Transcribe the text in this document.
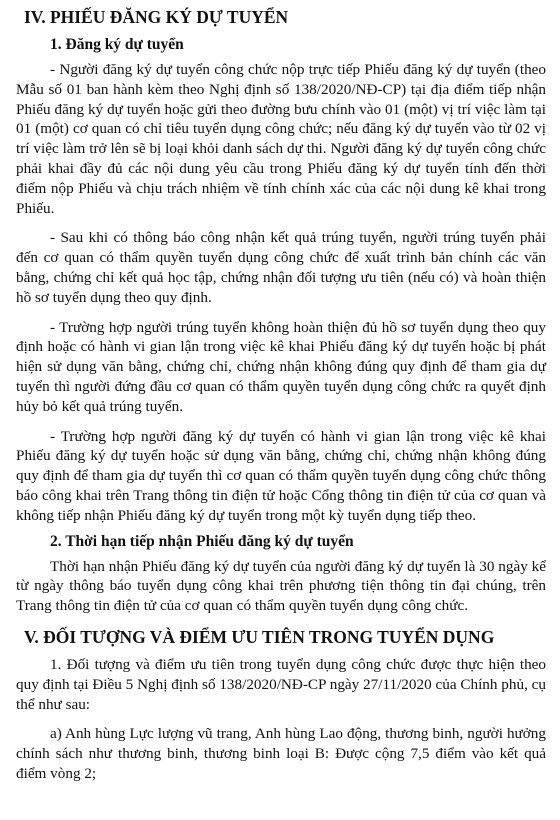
IV. PHIẾU ĐĂNG KÝ DỰ TUYỂN
1. Đăng ký dự tuyển

- Người đăng ký dự tuyển công chức nộp trực tiếp Phiếu đăng ký dự tuyển (theo Mẫu số 01 ban hành kèm theo Nghị định số 138/2020/NĐ-CP) tại địa điểm tiếp nhận Phiếu đăng ký dự tuyển hoặc gửi theo đường bưu chính vào 01 (một) vị trí việc làm tại 01 (một) cơ quan có chỉ tiêu tuyển dụng công chức; nếu đăng ký dự tuyển vào từ 02 vị trí việc làm trở lên sẽ bị loại khỏi danh sách dự thi. Người đăng ký dự tuyển công chức phải khai đầy đủ các nội dung yêu cầu trong Phiếu đăng ký dự tuyển tính đến thời điểm nộp Phiếu và chịu trách nhiệm về tính chính xác của các nội dung kê khai trong Phiếu.

- Sau khi có thông báo công nhận kết quả trúng tuyển, người trúng tuyển phải đến cơ quan có thẩm quyền tuyển dụng công chức để xuất trình bản chính các văn bằng, chứng chỉ kết quả học tập, chứng nhận đối tượng ưu tiên (nếu có) và hoàn thiện hồ sơ tuyển dụng theo quy định.

- Trường hợp người trúng tuyển không hoàn thiện đủ hồ sơ tuyển dụng theo quy định hoặc có hành vi gian lận trong việc kê khai Phiếu đăng ký dự tuyển hoặc bị phát hiện sử dụng văn bằng, chứng chỉ, chứng nhận không đúng quy định để tham gia dự tuyển thì người đứng đầu cơ quan có thẩm quyền tuyển dụng công chức ra quyết định hủy bỏ kết quả trúng tuyển.

- Trường hợp người đăng ký dự tuyển có hành vi gian lận trong việc kê khai Phiếu đăng ký dự tuyển hoặc sử dụng văn bằng, chứng chỉ, chứng nhận không đúng quy định để tham gia dự tuyển thì cơ quan có thẩm quyền tuyển dụng công chức thông báo công khai trên Trang thông tin điện tử hoặc Cổng thông tin điện tử của cơ quan và không tiếp nhận Phiếu đăng ký dự tuyển trong một kỳ tuyển dụng tiếp theo.

2. Thời hạn tiếp nhận Phiếu đăng ký dự tuyển

Thời hạn nhận Phiếu đăng ký dự tuyển của người đăng ký dự tuyển là 30 ngày kể từ ngày thông báo tuyển dụng công khai trên phương tiện thông tin đại chúng, trên Trang thông tin điện tử của cơ quan có thẩm quyền tuyển dụng công chức.

V. ĐỐI TƯỢNG VÀ ĐIỂM ƯU TIÊN TRONG TUYỂN DỤNG

1. Đối tượng và điểm ưu tiên trong tuyển dụng công chức được thực hiện theo quy định tại Điều 5 Nghị định số 138/2020/NĐ-CP ngày 27/11/2020 của Chính phủ, cụ thể như sau:

a) Anh hùng Lực lượng vũ trang, Anh hùng Lao động, thương binh, người hưởng chính sách như thương binh, thương binh loại B: Được cộng 7,5 điểm vào kết quả điểm vòng 2;
